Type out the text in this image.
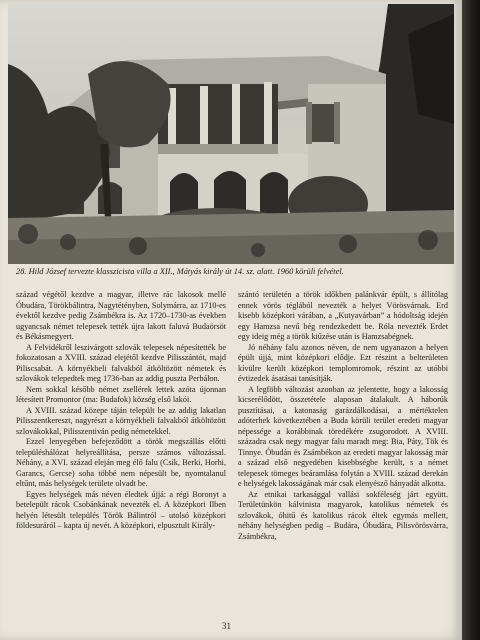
28. Hild József tervezte klasszicista villa a XII., Mátyás király út 14. sz. alatt. 1960 körüli felvétel.

század végétől kezdve a magyar, illetve rác lakosok mellé Óbudára, Törökbálintra, Nagytétényben, Solymárra, az 1710-es évektől kezdve pedig Zsámbékra is. Az 1720–1730-as években ugyancsak német telepesek tették újra lakott faluvá Budaörsöt és Békásmegyert.

A Felvidékről leszivárgott szlovák telepesek népesítették be fokozatosan a XVIII. század elejétől kezdve Pilisszántót, majd Piliscsabát. A környékbeli falvakból átköltözött németek és szlovákok telepedtek meg 1736-ban az addig puszta Perbálon.

Nem sokkal később német zsellérek lettek azóta újonnan létesített Promontor (ma: Budafok) község első lakói.

A XVIII. század közepe táján települt be az addig lakatlan Pilisszentkereszt, nagyrészt a környékbeli falvakból átköltözött szlovákokkal, Pilisszentiván pedig németekkel.

Ezzel lenyegében befejeződött a török megszállás előtti településhálózat helyreállítása, persze számos változással. Néhány, a XVI. század eleján meg élő falu (Csík, Berki, Horhi, Garancs, Gercse) soha többé nem népesült be, nyomtalanul eltűnt, más helységek területe olvadt be.

Egyes helységek más néven éledtek újjá: a régi Boronyt a betelepült rácok Csobánkának nevezték el. A középkori Ilben helyén létesült település Török Bálintról – utolsó középkori földesuráról – kapta új nevét. A középkori, elpusztult Király-

szántó területén a török időkben palánkvár épült, s állítólag ennek vörös téglából nevezték a helyet Vörösvárnak. Erd kisebb középkori várában, a „Kutyavárban” a hódoltság idején egy Hamzsa nevű bég rendezkedett be. Róla nevezték Erdet egy ideig még a török kiűzése után is Hamzsabégnek.

Jó néhány falu azonos néven, de nem ugyanazon a helyen épült újjá, mint középkori elődje. Ezt részint a belterületen kívülre került középkori templomromok, részint az utóbbi évtizedek ásatásai tanúsítják.

A legföbb változást azonban az jelentette, hogy a lakosság kicserélődött, összetétele alaposan átalakult. A háborúk pusztításai, a katonaság garázdálkodásai, a mértéktelen adóterhek következtében a Buda körüli terület eredeti magyar népessége a korábbinak töredékére zsugorodott. A XVIII. századra csak negy magyar falu maradt meg: Bia, Páty, Tök és Tinnye. Óbudán és Zsámbékon az eredeti magyar lakosság már a század első negyedében kisebbségbe került, s a német telepesek tömeges beáramlása folytán a XVIII. század derekán e helységek lakosságának már csak elenyésző hányadát alkotta.

Az etnikai tarkasággal vallási sokféleség járt együtt. Területünkön kálvinista magyarok, katolikus németek és szlovákok, óhitű és katolikus rácok éltek egymás mellett, néhány helységben pedig – Budára, Óbudára, Pilisvörösvárra, Zsámbékra,

31
